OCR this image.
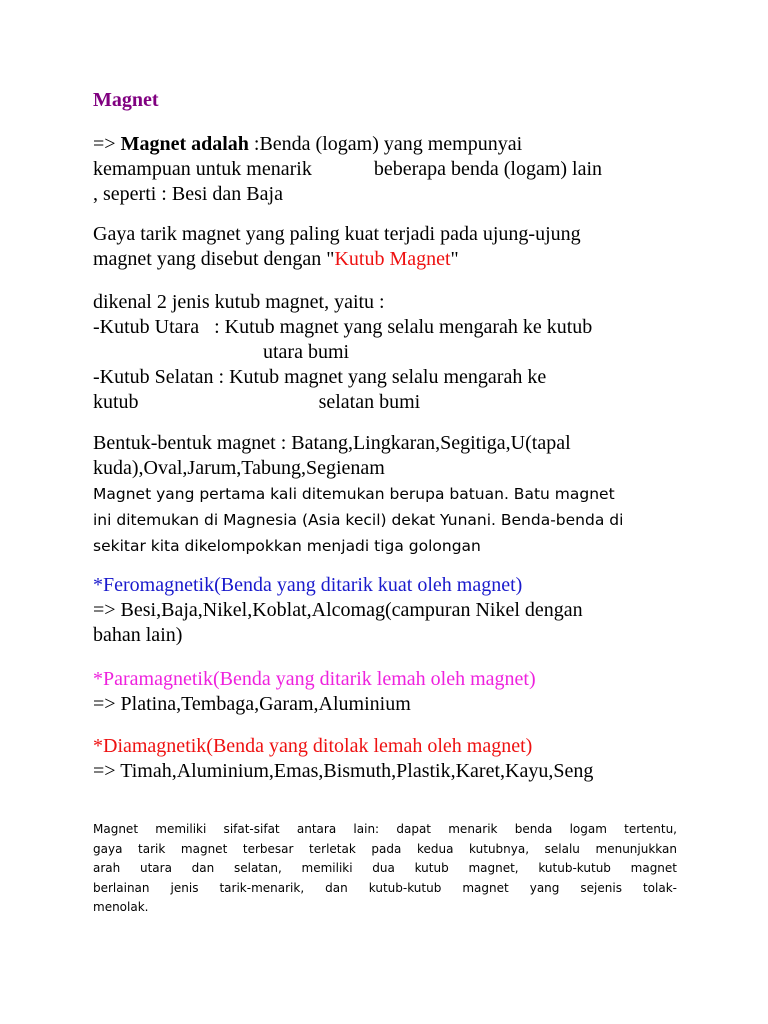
Magnet
=> Magnet adalah :Benda (logam) yang mempunyai
kemampuan untuk menarik	beberapa benda (logam) lain
, seperti : Besi dan Baja
Gaya tarik magnet yang paling kuat terjadi pada ujung-ujung
magnet yang disebut dengan "Kutub Magnet"
dikenal 2 jenis kutub magnet, yaitu :
-Kutub Utara   : Kutub magnet yang selalu mengarah ke kutub
utara bumi
-Kutub Selatan : Kutub magnet yang selalu mengarah ke
kutub	selatan bumi
Bentuk-bentuk magnet : Batang,Lingkaran,Segitiga,U(tapal
kuda),Oval,Jarum,Tabung,Segienam
Magnet yang pertama kali ditemukan berupa batuan. Batu magnet
ini ditemukan di Magnesia (Asia kecil) dekat Yunani. Benda-benda di
sekitar kita dikelompokkan menjadi tiga golongan
*Feromagnetik(Benda yang ditarik kuat oleh magnet)
=> Besi,Baja,Nikel,Koblat,Alcomag(campuran Nikel dengan
bahan lain)
*Paramagnetik(Benda yang ditarik lemah oleh magnet)
=> Platina,Tembaga,Garam,Aluminium
*Diamagnetik(Benda yang ditolak lemah oleh magnet)
=> Timah,Aluminium,Emas,Bismuth,Plastik,Karet,Kayu,Seng
Magnet memiliki sifat-sifat antara lain: dapat menarik benda logam tertentu,
gaya tarik magnet terbesar terletak pada kedua kutubnya, selalu menunjukkan
arah utara dan selatan, memiliki dua kutub magnet, kutub-kutub magnet
berlainan jenis tarik-menarik, dan kutub-kutub magnet yang sejenis tolak-
menolak.
